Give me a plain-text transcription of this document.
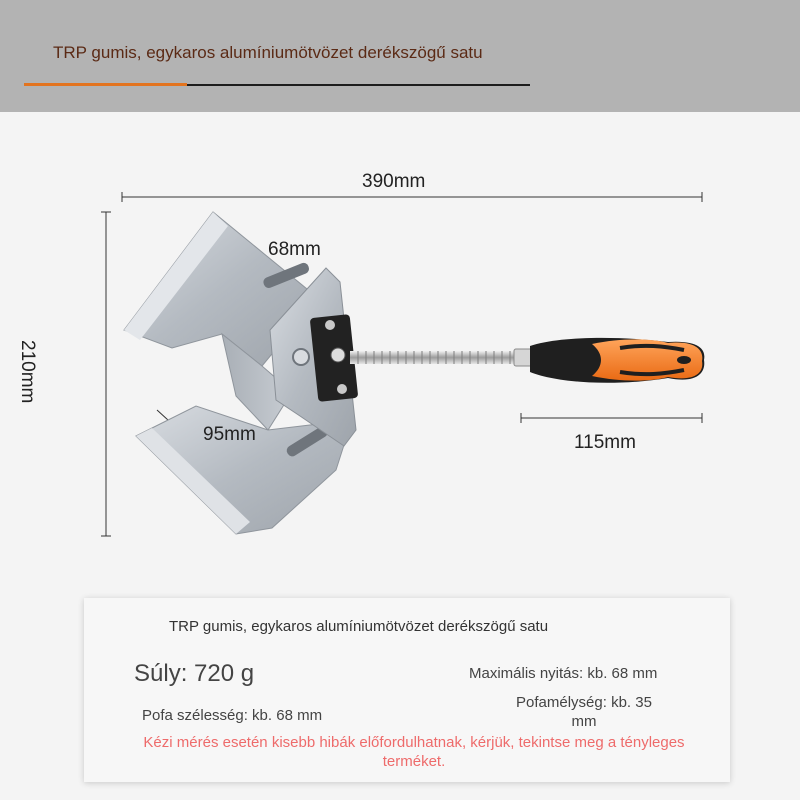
TRP gumis, egykaros alumíniumötvözet derékszögű satu
390mm
210mm
68mm
95mm	115mm
TRP gumis, egykaros alumíniumötvözet derékszögű satu
Súly: 720 g	Maximális nyitás: kb. 68 mm
Pofa szélesség: kb. 68 mm
Pofamélység: kb. 35 mm
Kézi mérés esetén kisebb hibák előfordulhatnak, kérjük, tekintse meg a tényleges terméket.
